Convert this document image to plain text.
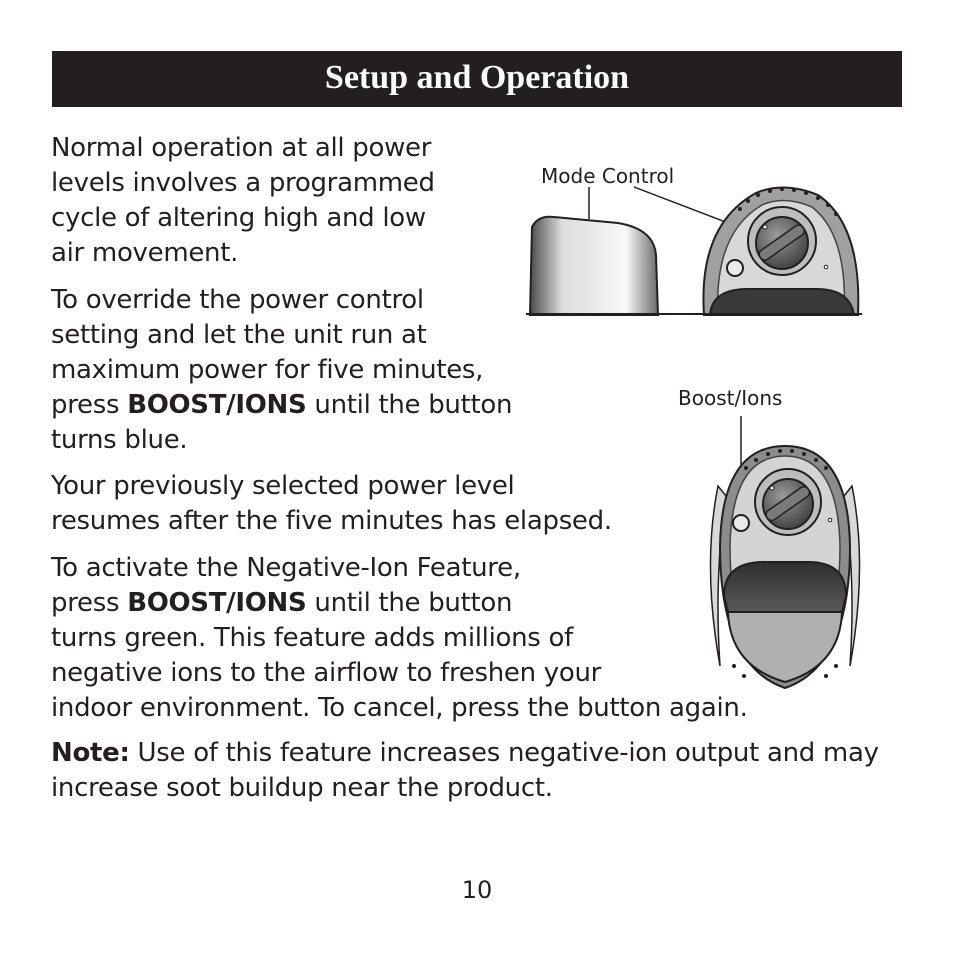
Setup and Operation

Normal operation at all power
levels involves a programmed
cycle of altering high and low
air movement.

To override the power control
setting and let the unit run at
maximum power for five minutes,
press BOOST/IONS until the button
turns blue.

Your previously selected power level
resumes after the five minutes has elapsed.

To activate the Negative-Ion Feature,
press BOOST/IONS until the button
turns green. This feature adds millions of
negative ions to the airflow to freshen your
indoor environment. To cancel, press the button again.

Note: Use of this feature increases negative-ion output and may
increase soot buildup near the product.

Mode Control
Boost/Ions
10
